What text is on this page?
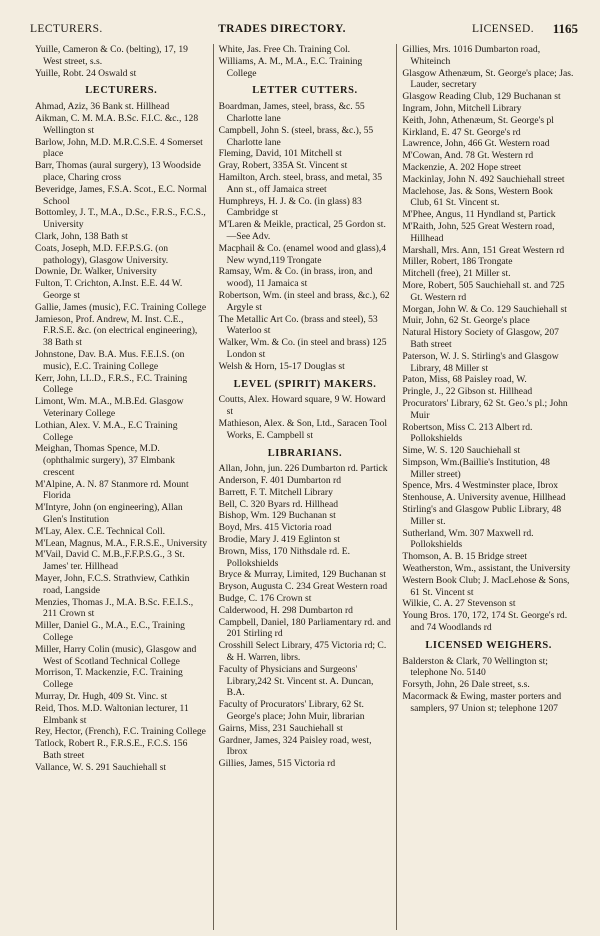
LECTURERS.	TRADES DIRECTORY.	LICENSED.	1165
Yuille, Cameron & Co. (belting), 17, 19 West street, s.s.
Yuille, Robt. 24 Oswald st
LECTURERS.
Ahmad, Aziz, 36 Bank st. Hillhead
Aikman, C. M. M.A. B.Sc. F.I.C. &c., 128 Wellington st
Barlow, John, M.D. M.R.C.S.E. 4 Somerset place
Barr, Thomas (aural surgery), 13 Woodside place, Charing cross
Beveridge, James, F.S.A. Scot., E.C. Normal School
Bottomley, J. T., M.A., D.Sc., F.R.S., F.C.S., University
Clark, John, 138 Bath st
Coats, Joseph, M.D. F.F.P.S.G. (on pathology), Glasgow University.
Downie, Dr. Walker, University
Fulton, T. Crichton, A.Inst. E.E. 44 W. George st
Gallie, James (music), F.C. Training College
Jamieson, Prof. Andrew, M. Inst. C.E., F.R.S.E. &c. (on electrical engineering), 38 Bath st
Johnstone, Dav. B.A. Mus. F.E.I.S. (on music), E.C. Training College
Kerr, John, LL.D., F.R.S., F.C. Training College
Limont, Wm. M.A., M.B.Ed. Glasgow Veterinary College
Lothian, Alex. V. M.A., E.C Training College
Meighan, Thomas Spence, M.D. (ophthalmic surgery), 37 Elmbank crescent
M'Alpine, A. N. 87 Stanmore rd. Mount Florida
M'Intyre, John (on engineering), Allan Glen's Institution
M'Lay, Alex. C.E. Technical Coll.
M'Lean, Magnus, M.A., F.R.S.E., University
M'Vail, David C. M.B.,F.F.P.S.G., 3 St. James' ter. Hillhead
Mayer, John, F.C.S. Strathview, Cathkin road, Langside
Menzies, Thomas J., M.A. B.Sc. F.E.I.S., 211 Crown st
Miller, Daniel G., M.A., E.C., Training College
Miller, Harry Colin (music), Glasgow and West of Scotland Technical College
Morrison, T. Mackenzie, F.C. Training College
Murray, Dr. Hugh, 409 St. Vinc. st
Reid, Thos. M.D. Waltonian lecturer, 11 Elmbank st
Rey, Hector, (French), F.C. Training College
Tatlock, Robert R., F.R.S.E., F.C.S. 156 Bath street
Vallance, W. S. 291 Sauchiehall st
White, Jas. Free Ch. Training Col.
Williams, A. M., M.A., E.C. Training College
LETTER CUTTERS.
Boardman, James, steel, brass, &c. 55 Charlotte lane
Campbell, John S. (steel, brass, &c.), 55 Charlotte lane
Fleming, David, 101 Mitchell st
Gray, Robert, 335A St. Vincent st
Hamilton, Arch. steel, brass, and metal, 35 Ann st., off Jamaica street
Humphreys, H. J. & Co. (in glass) 83 Cambridge st
M'Laren & Meikle, practical, 25 Gordon st.—See Adv.
Macphail & Co. (enamel wood and glass),4 New wynd,119 Trongate
Ramsay, Wm. & Co. (in brass, iron, and wood), 11 Jamaica st
Robertson, Wm. (in steel and brass, &c.), 62 Argyle st
The Metallic Art Co. (brass and steel), 53 Waterloo st
Walker, Wm. & Co. (in steel and brass) 125 London st
Welsh & Horn, 15-17 Douglas st
LEVEL (SPIRIT) MAKERS.
Coutts, Alex. Howard square, 9 W. Howard st
Mathieson, Alex. & Son, Ltd., Saracen Tool Works, E. Campbell st
LIBRARIANS.
Allan, John, jun. 226 Dumbarton rd. Partick
Anderson, F. 401 Dumbarton rd
Barrett, F. T. Mitchell Library
Bell, C. 320 Byars rd. Hillhead
Bishop, Wm. 129 Buchanan st
Boyd, Mrs. 415 Victoria road
Brodie, Mary J. 419 Eglinton st
Brown, Miss, 170 Nithsdale rd. E. Pollokshields
Bryce & Murray, Limited, 129 Buchanan st
Bryson, Augusta C. 234 Great Western road
Budge, C. 176 Crown st
Calderwood, H. 298 Dumbarton rd
Campbell, Daniel, 180 Parliamentary rd. and 201 Stirling rd
Crosshill Select Library, 475 Victoria rd; C. & H. Warren, librs.
Faculty of Physicians and Surgeons' Library,242 St. Vincent st. A. Duncan, B.A.
Faculty of Procurators' Library, 62 St. George's place; John Muir, librarian
Gairns, Miss, 231 Sauchiehall st
Gardner, James, 324 Paisley road, west, Ibrox
Gillies, James, 515 Victoria rd
Gillies, Mrs. 1016 Dumbarton road, Whiteinch
Glasgow Athenæum, St. George's place; Jas. Lauder, secretary
Glasgow Reading Club, 129 Buchanan st
Ingram, John, Mitchell Library
Keith, John, Athenæum, St. George's pl
Kirkland, E. 47 St. George's rd
Lawrence, John, 466 Gt. Western road
M'Cowan, And. 78 Gt. Western rd
Mackenzie, A. 202 Hope street
Mackinlay, John N. 492 Sauchiehall street
Maclehose, Jas. & Sons, Western Book Club, 61 St. Vincent st.
M'Phee, Angus, 11 Hyndland st, Partick
M'Raith, John, 525 Great Western road, Hillhead
Marshall, Mrs. Ann, 151 Great Western rd
Miller, Robert, 186 Trongate
Mitchell (free), 21 Miller st.
More, Robert, 505 Sauchiehall st. and 725 Gt. Western rd
Morgan, John W. & Co. 129 Sauchiehall st
Muir, John, 62 St. George's place
Natural History Society of Glasgow, 207 Bath street
Paterson, W. J. S. Stirling's and Glasgow Library, 48 Miller st
Paton, Miss, 68 Paisley road, W.
Pringle, J., 22 Gibson st. Hillhead
Procurators' Library, 62 St. Geo.'s pl.; John Muir
Robertson, Miss C. 213 Albert rd. Pollokshields
Sime, W. S. 120 Sauchiehall st
Simpson, Wm.(Baillie's Institution, 48 Miller street)
Spence, Mrs. 4 Westminster place, Ibrox
Stenhouse, A. University avenue, Hillhead
Stirling's and Glasgow Public Library, 48 Miller st.
Sutherland, Wm. 307 Maxwell rd. Pollokshields
Thomson, A. B. 15 Bridge street
Weatherston, Wm., assistant, the University
Western Book Club; J. MacLehose & Sons, 61 St. Vincent st
Wilkie, C. A. 27 Stevenson st
Young Bros. 170, 172, 174 St. George's rd. and 74 Woodlands rd
LICENSED WEIGHERS.
Balderston & Clark, 70 Wellington st; telephone No. 5140
Forsyth, John, 26 Dale street, s.s.
Macormack & Ewing, master porters and samplers, 97 Union st; telephone 1207
